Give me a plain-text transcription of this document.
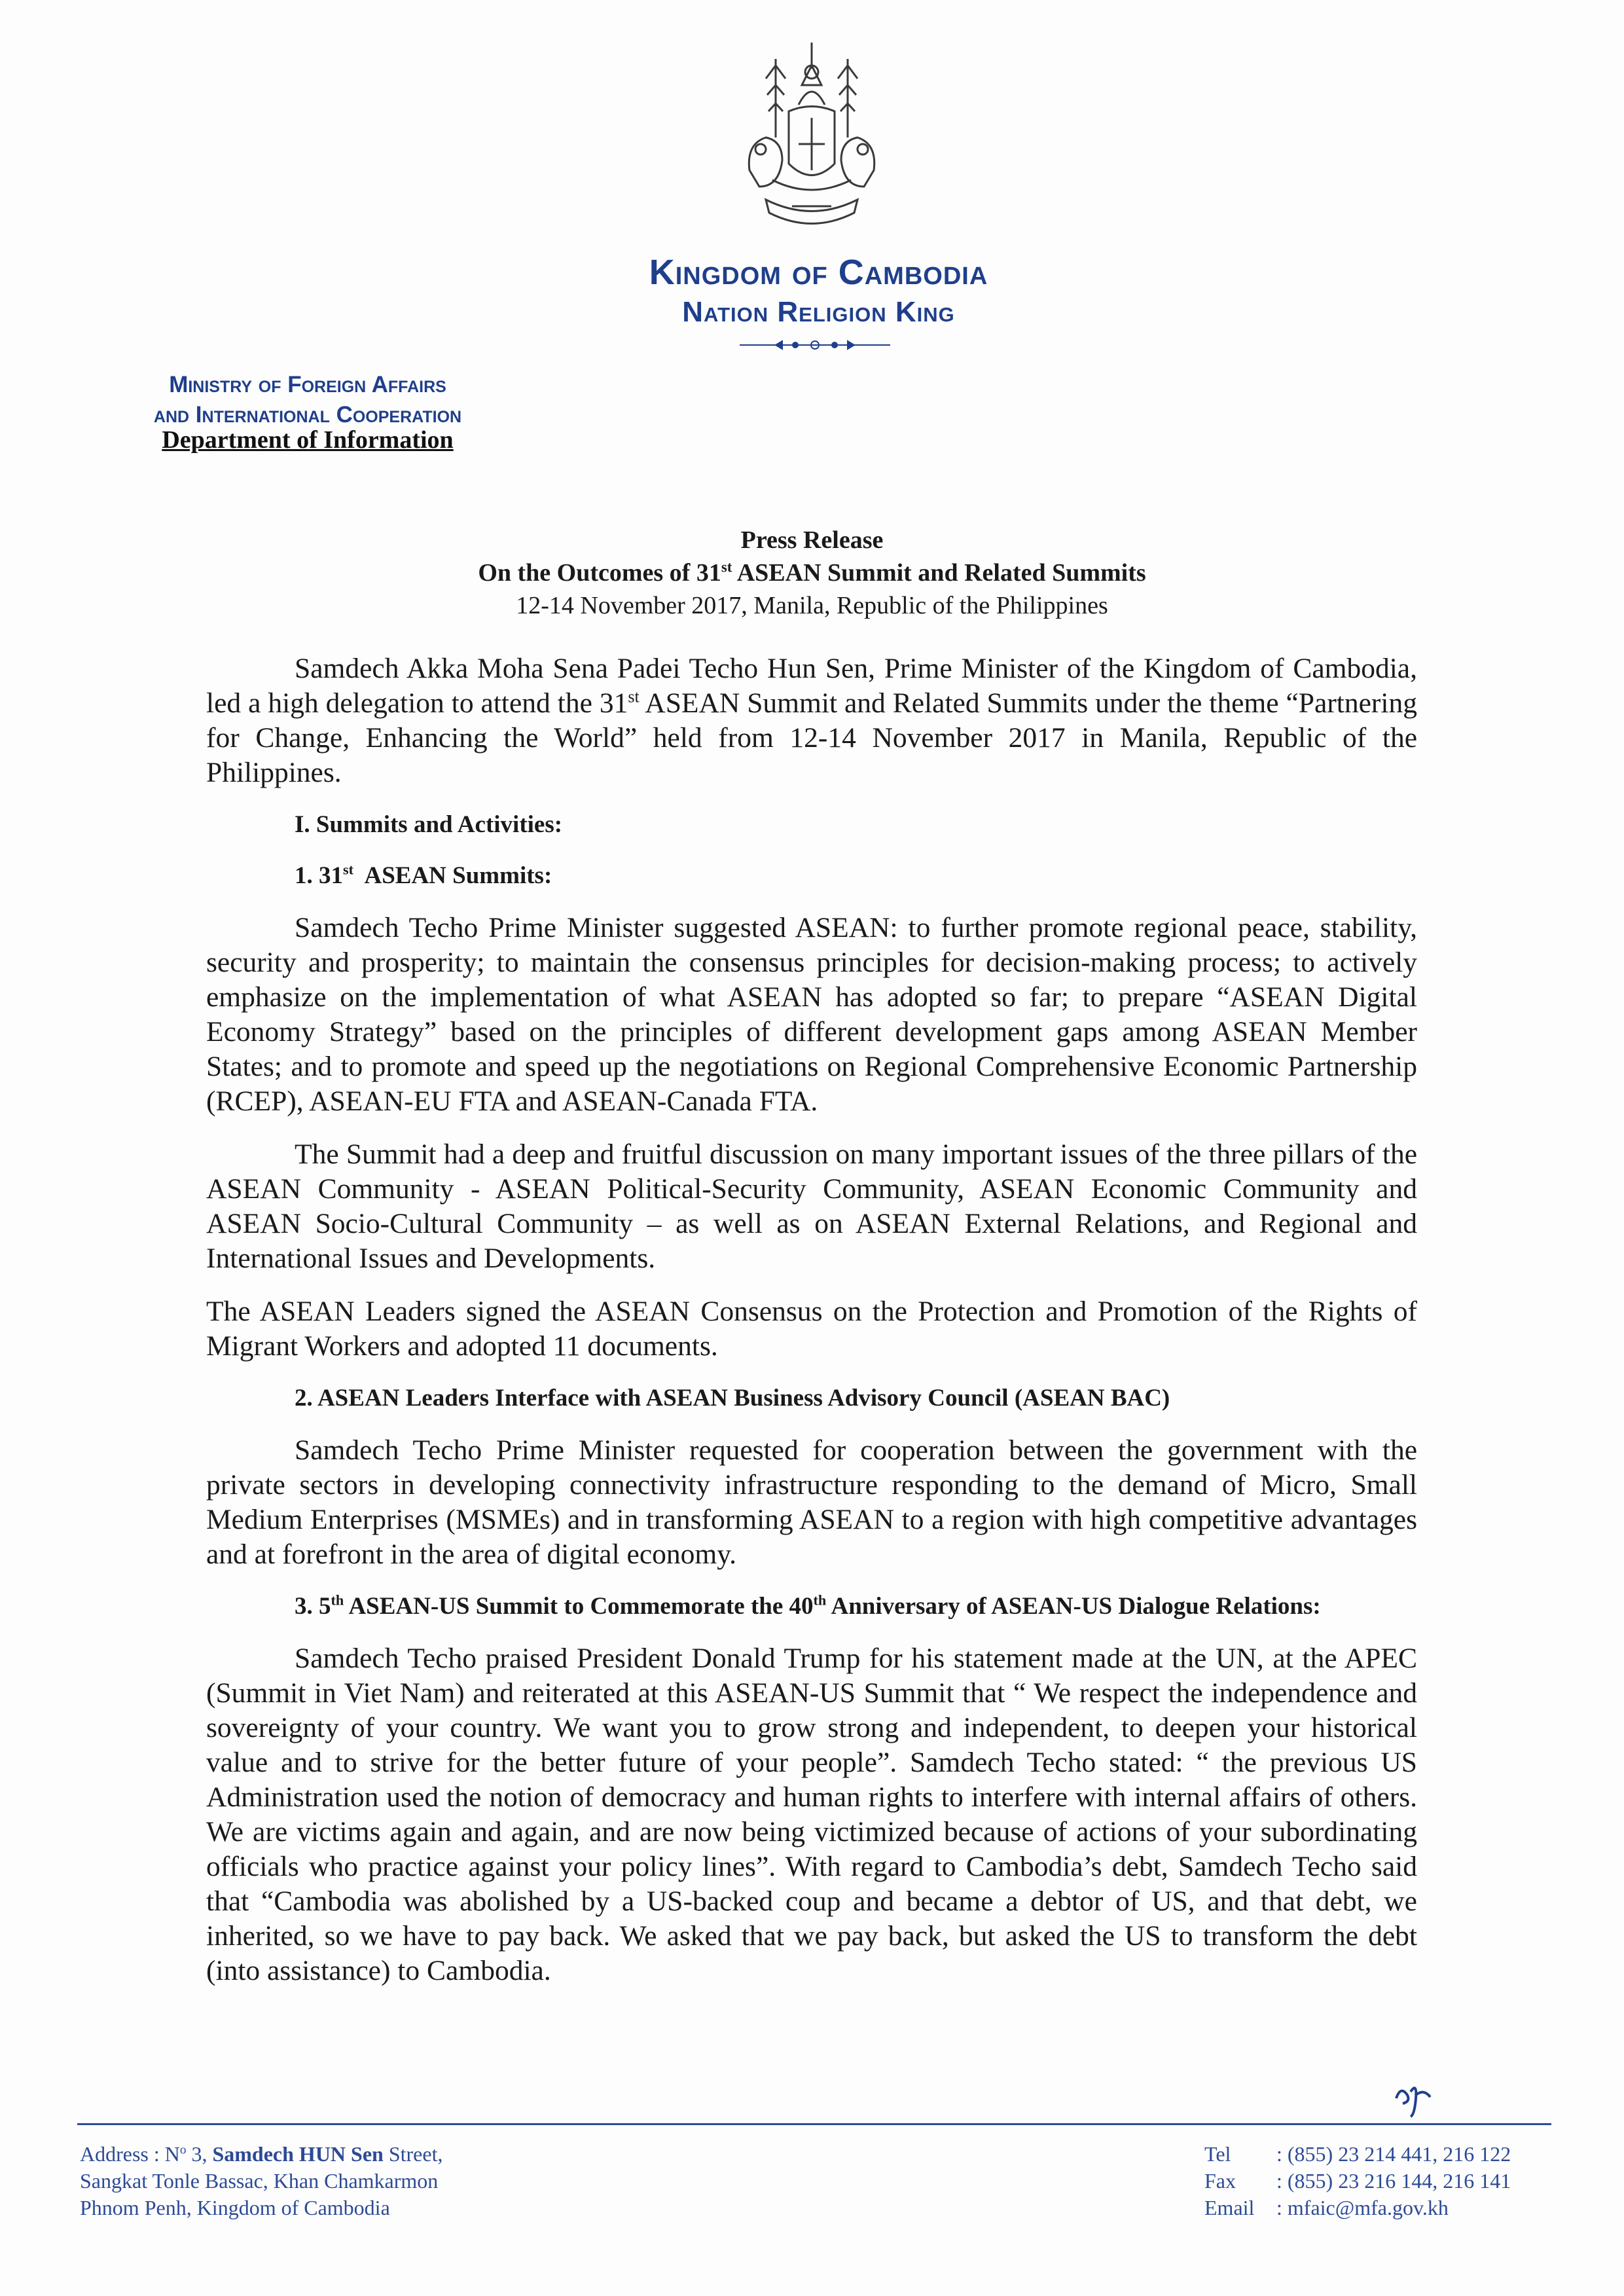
Kingdom of Cambodia
Nation Religion King
Ministry of Foreign Affairs
and International Cooperation
Department of Information
Press Release
On the Outcomes of 31st ASEAN Summit and Related Summits
12-14 November 2017, Manila, Republic of the Philippines

Samdech Akka Moha Sena Padei Techo Hun Sen, Prime Minister of the Kingdom of Cambodia, led a high delegation to attend the 31st ASEAN Summit and Related Summits under the theme “Partnering for Change, Enhancing the World” held from 12-14 November 2017 in Manila, Republic of the Philippines.

I. Summits and Activities:
1. 31st  ASEAN Summits:

Samdech Techo Prime Minister suggested ASEAN: to further promote regional peace, stability, security and prosperity; to maintain the consensus principles for decision-making process; to actively emphasize on the implementation of what ASEAN has adopted so far; to prepare “ASEAN Digital Economy Strategy” based on the principles of different development gaps among ASEAN Member States; and to promote and speed up the negotiations on Regional Comprehensive Economic Partnership (RCEP), ASEAN-EU FTA and ASEAN-Canada FTA.

The Summit had a deep and fruitful discussion on many important issues of the three pillars of the ASEAN Community - ASEAN Political-Security Community, ASEAN Economic Community and ASEAN Socio-Cultural Community – as well as on ASEAN External Relations, and Regional and International Issues and Developments.

The ASEAN Leaders signed the ASEAN Consensus on the Protection and Promotion of the Rights of Migrant Workers and adopted 11 documents.

2. ASEAN Leaders Interface with ASEAN Business Advisory Council (ASEAN BAC)

Samdech Techo Prime Minister requested for cooperation between the government with the private sectors in developing connectivity infrastructure responding to the demand of Micro, Small Medium Enterprises (MSMEs) and in transforming ASEAN to a region with high competitive advantages and at forefront in the area of digital economy.

3. 5th ASEAN-US Summit to Commemorate the 40th Anniversary of ASEAN-US Dialogue Relations:

Samdech Techo praised President Donald Trump for his statement made at the UN, at the APEC (Summit in Viet Nam) and reiterated at this ASEAN-US Summit that “ We respect the independence and sovereignty of your country. We want you to grow strong and independent, to deepen your historical value and to strive for the better future of your people”. Samdech Techo stated: “ the previous US Administration used the notion of democracy and human rights to interfere with internal affairs of others. We are victims again and again, and are now being victimized because of actions of your subordinating officials who practice against your policy lines”. With regard to Cambodia’s debt, Samdech Techo said that “Cambodia was abolished by a US-backed coup and became a debtor of US, and that debt, we inherited, so we have to pay back. We asked that we pay back, but asked the US to transform the debt (into assistance) to Cambodia.

Address : $N^o$ 3, Samdech HUN Sen Street,
Sangkat Tonle Bassac, Khan Chamkarmon
Phnom Penh, Kingdom of Cambodia
Tel	: (855) 23 214 441, 216 122
Fax	: (855) 23 216 144, 216 141
Email	: mfaic@mfa.gov.kh
